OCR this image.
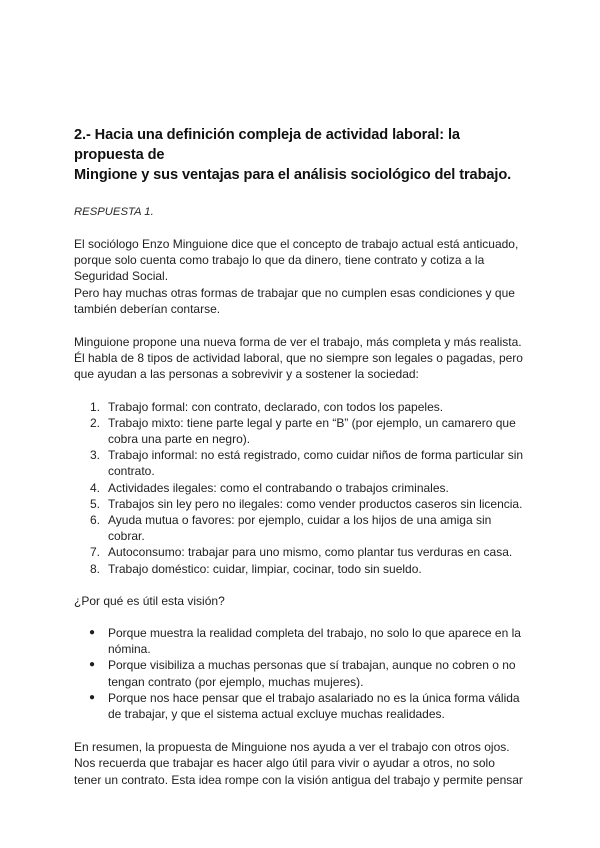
2.- Hacia una definición compleja de actividad laboral: la propuesta de
Mingione y sus ventajas para el análisis sociológico del trabajo.
RESPUESTA 1.

El sociólogo Enzo Minguione dice que el concepto de trabajo actual está anticuado,
porque solo cuenta como trabajo lo que da dinero, tiene contrato y cotiza a la
Seguridad Social.
Pero hay muchas otras formas de trabajar que no cumplen esas condiciones y que
también deberían contarse.

Minguione propone una nueva forma de ver el trabajo, más completa y más realista.
Él habla de 8 tipos de actividad laboral, que no siempre son legales o pagadas, pero
que ayudan a las personas a sobrevivir y a sostener la sociedad:

1. Trabajo formal: con contrato, declarado, con todos los papeles.
2. Trabajo mixto: tiene parte legal y parte en “B” (por ejemplo, un camarero que
cobra una parte en negro).
3. Trabajo informal: no está registrado, como cuidar niños de forma particular sin
contrato.
4. Actividades ilegales: como el contrabando o trabajos criminales.
5. Trabajos sin ley pero no ilegales: como vender productos caseros sin licencia.
6. Ayuda mutua o favores: por ejemplo, cuidar a los hijos de una amiga sin
cobrar.
7. Autoconsumo: trabajar para uno mismo, como plantar tus verduras en casa.
8. Trabajo doméstico: cuidar, limpiar, cocinar, todo sin sueldo.

¿Por qué es útil esta visión?

● Porque muestra la realidad completa del trabajo, no solo lo que aparece en la
nómina.
● Porque visibiliza a muchas personas que sí trabajan, aunque no cobren o no
tengan contrato (por ejemplo, muchas mujeres).
● Porque nos hace pensar que el trabajo asalariado no es la única forma válida
de trabajar, y que el sistema actual excluye muchas realidades.

En resumen, la propuesta de Minguione nos ayuda a ver el trabajo con otros ojos.
Nos recuerda que trabajar es hacer algo útil para vivir o ayudar a otros, no solo
tener un contrato. Esta idea rompe con la visión antigua del trabajo y permite pensar
